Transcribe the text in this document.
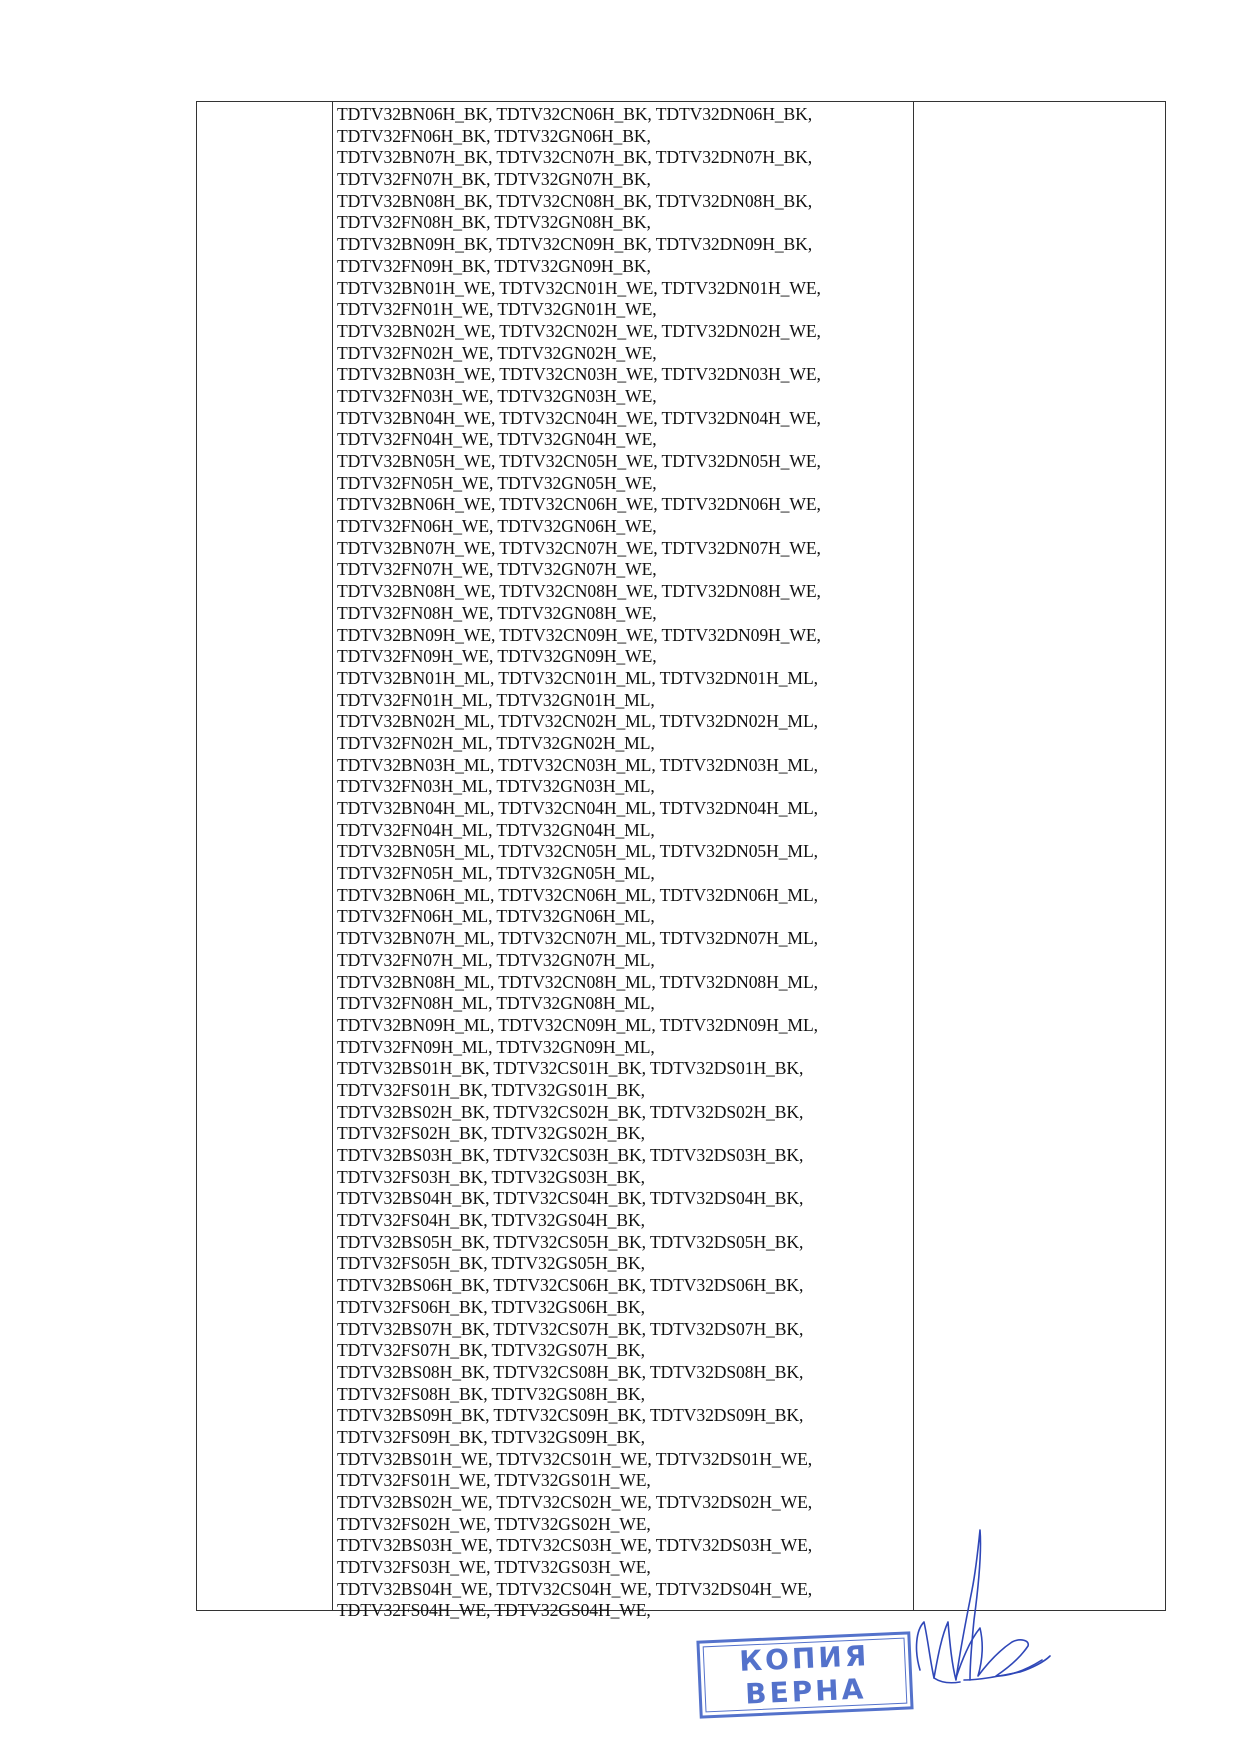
TDTV32BN06H_BK, TDTV32CN06H_BK, TDTV32DN06H_BK,
TDTV32FN06H_BK, TDTV32GN06H_BK,
TDTV32BN07H_BK, TDTV32CN07H_BK, TDTV32DN07H_BK,
TDTV32FN07H_BK, TDTV32GN07H_BK,
TDTV32BN08H_BK, TDTV32CN08H_BK, TDTV32DN08H_BK,
TDTV32FN08H_BK, TDTV32GN08H_BK,
TDTV32BN09H_BK, TDTV32CN09H_BK, TDTV32DN09H_BK,
TDTV32FN09H_BK, TDTV32GN09H_BK,
TDTV32BN01H_WE, TDTV32CN01H_WE, TDTV32DN01H_WE,
TDTV32FN01H_WE, TDTV32GN01H_WE,
TDTV32BN02H_WE, TDTV32CN02H_WE, TDTV32DN02H_WE,
TDTV32FN02H_WE, TDTV32GN02H_WE,
TDTV32BN03H_WE, TDTV32CN03H_WE, TDTV32DN03H_WE,
TDTV32FN03H_WE, TDTV32GN03H_WE,
TDTV32BN04H_WE, TDTV32CN04H_WE, TDTV32DN04H_WE,
TDTV32FN04H_WE, TDTV32GN04H_WE,
TDTV32BN05H_WE, TDTV32CN05H_WE, TDTV32DN05H_WE,
TDTV32FN05H_WE, TDTV32GN05H_WE,
TDTV32BN06H_WE, TDTV32CN06H_WE, TDTV32DN06H_WE,
TDTV32FN06H_WE, TDTV32GN06H_WE,
TDTV32BN07H_WE, TDTV32CN07H_WE, TDTV32DN07H_WE,
TDTV32FN07H_WE, TDTV32GN07H_WE,
TDTV32BN08H_WE, TDTV32CN08H_WE, TDTV32DN08H_WE,
TDTV32FN08H_WE, TDTV32GN08H_WE,
TDTV32BN09H_WE, TDTV32CN09H_WE, TDTV32DN09H_WE,
TDTV32FN09H_WE, TDTV32GN09H_WE,
TDTV32BN01H_ML, TDTV32CN01H_ML, TDTV32DN01H_ML,
TDTV32FN01H_ML, TDTV32GN01H_ML,
TDTV32BN02H_ML, TDTV32CN02H_ML, TDTV32DN02H_ML,
TDTV32FN02H_ML, TDTV32GN02H_ML,
TDTV32BN03H_ML, TDTV32CN03H_ML, TDTV32DN03H_ML,
TDTV32FN03H_ML, TDTV32GN03H_ML,
TDTV32BN04H_ML, TDTV32CN04H_ML, TDTV32DN04H_ML,
TDTV32FN04H_ML, TDTV32GN04H_ML,
TDTV32BN05H_ML, TDTV32CN05H_ML, TDTV32DN05H_ML,
TDTV32FN05H_ML, TDTV32GN05H_ML,
TDTV32BN06H_ML, TDTV32CN06H_ML, TDTV32DN06H_ML,
TDTV32FN06H_ML, TDTV32GN06H_ML,
TDTV32BN07H_ML, TDTV32CN07H_ML, TDTV32DN07H_ML,
TDTV32FN07H_ML, TDTV32GN07H_ML,
TDTV32BN08H_ML, TDTV32CN08H_ML, TDTV32DN08H_ML,
TDTV32FN08H_ML, TDTV32GN08H_ML,
TDTV32BN09H_ML, TDTV32CN09H_ML, TDTV32DN09H_ML,
TDTV32FN09H_ML, TDTV32GN09H_ML,
TDTV32BS01H_BK, TDTV32CS01H_BK, TDTV32DS01H_BK,
TDTV32FS01H_BK, TDTV32GS01H_BK,
TDTV32BS02H_BK, TDTV32CS02H_BK, TDTV32DS02H_BK,
TDTV32FS02H_BK, TDTV32GS02H_BK,
TDTV32BS03H_BK, TDTV32CS03H_BK, TDTV32DS03H_BK,
TDTV32FS03H_BK, TDTV32GS03H_BK,
TDTV32BS04H_BK, TDTV32CS04H_BK, TDTV32DS04H_BK,
TDTV32FS04H_BK, TDTV32GS04H_BK,
TDTV32BS05H_BK, TDTV32CS05H_BK, TDTV32DS05H_BK,
TDTV32FS05H_BK, TDTV32GS05H_BK,
TDTV32BS06H_BK, TDTV32CS06H_BK, TDTV32DS06H_BK,
TDTV32FS06H_BK, TDTV32GS06H_BK,
TDTV32BS07H_BK, TDTV32CS07H_BK, TDTV32DS07H_BK,
TDTV32FS07H_BK, TDTV32GS07H_BK,
TDTV32BS08H_BK, TDTV32CS08H_BK, TDTV32DS08H_BK,
TDTV32FS08H_BK, TDTV32GS08H_BK,
TDTV32BS09H_BK, TDTV32CS09H_BK, TDTV32DS09H_BK,
TDTV32FS09H_BK, TDTV32GS09H_BK,
TDTV32BS01H_WE, TDTV32CS01H_WE, TDTV32DS01H_WE,
TDTV32FS01H_WE, TDTV32GS01H_WE,
TDTV32BS02H_WE, TDTV32CS02H_WE, TDTV32DS02H_WE,
TDTV32FS02H_WE, TDTV32GS02H_WE,
TDTV32BS03H_WE, TDTV32CS03H_WE, TDTV32DS03H_WE,
TDTV32FS03H_WE, TDTV32GS03H_WE,
TDTV32BS04H_WE, TDTV32CS04H_WE, TDTV32DS04H_WE,
TDTV32FS04H_WE, TDTV32GS04H_WE,
КОПИЯ
ВЕРНА
